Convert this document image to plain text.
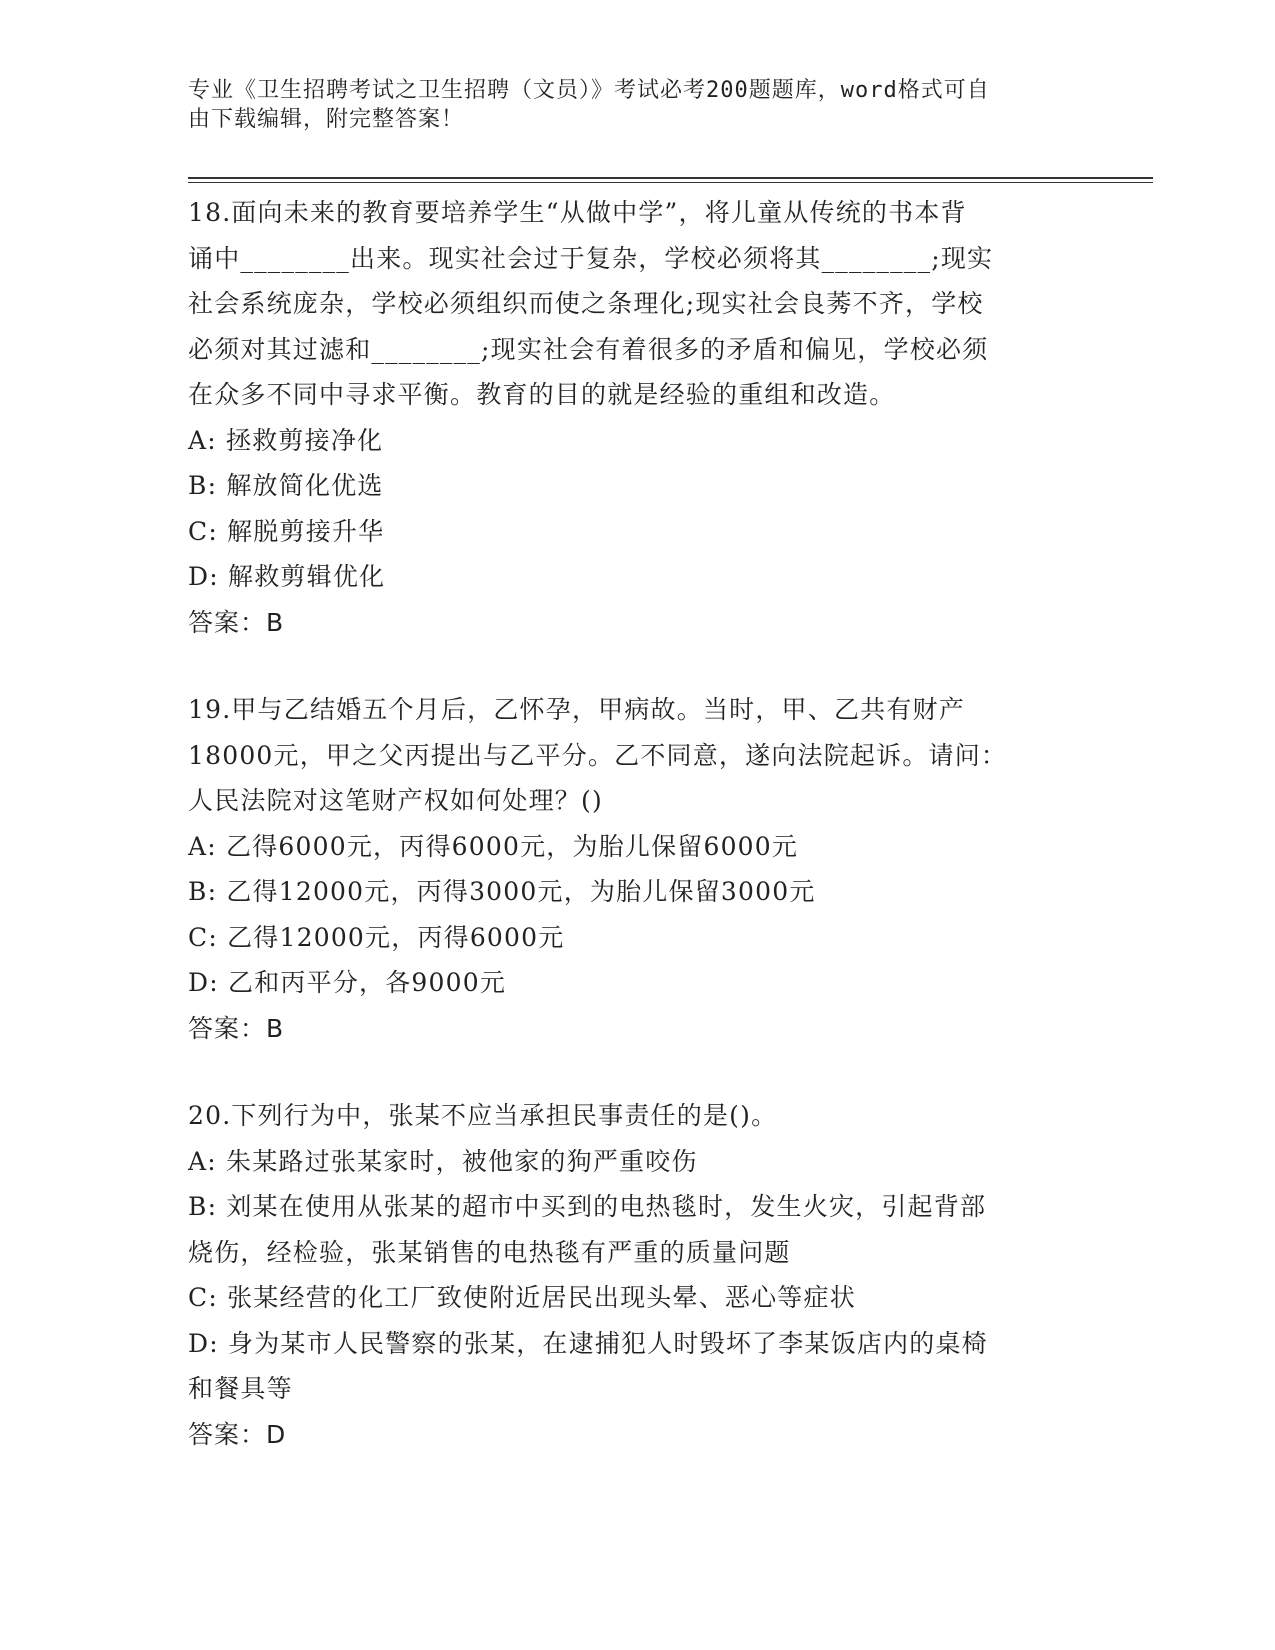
专业《卫生招聘考试之卫生招聘（文员）》考试必考200题题库，word格式可自
由下载编辑，附完整答案！
18.面向未来的教育要培养学生“从做中学”，将儿童从传统的书本背
诵中________出来。现实社会过于复杂，学校必须将其________;现实
社会系统庞杂，学校必须组织而使之条理化;现实社会良莠不齐，学校
必须对其过滤和________;现实社会有着很多的矛盾和偏见，学校必须
在众多不同中寻求平衡。教育的目的就是经验的重组和改造。
A: 拯救剪接净化
B: 解放简化优选
C: 解脱剪接升华
D: 解救剪辑优化
答案：B
19.甲与乙结婚五个月后，乙怀孕，甲病故。当时，甲、乙共有财产
18000元，甲之父丙提出与乙平分。乙不同意，遂向法院起诉。请问：
人民法院对这笔财产权如何处理？()
A: 乙得6000元，丙得6000元，为胎儿保留6000元
B: 乙得12000元，丙得3000元，为胎儿保留3000元
C: 乙得12000元，丙得6000元
D: 乙和丙平分，各9000元
答案：B
20.下列行为中，张某不应当承担民事责任的是()。
A: 朱某路过张某家时，被他家的狗严重咬伤
B: 刘某在使用从张某的超市中买到的电热毯时，发生火灾，引起背部
烧伤，经检验，张某销售的电热毯有严重的质量问题
C: 张某经营的化工厂致使附近居民出现头晕、恶心等症状
D: 身为某市人民警察的张某，在逮捕犯人时毁坏了李某饭店内的桌椅
和餐具等
答案：D
